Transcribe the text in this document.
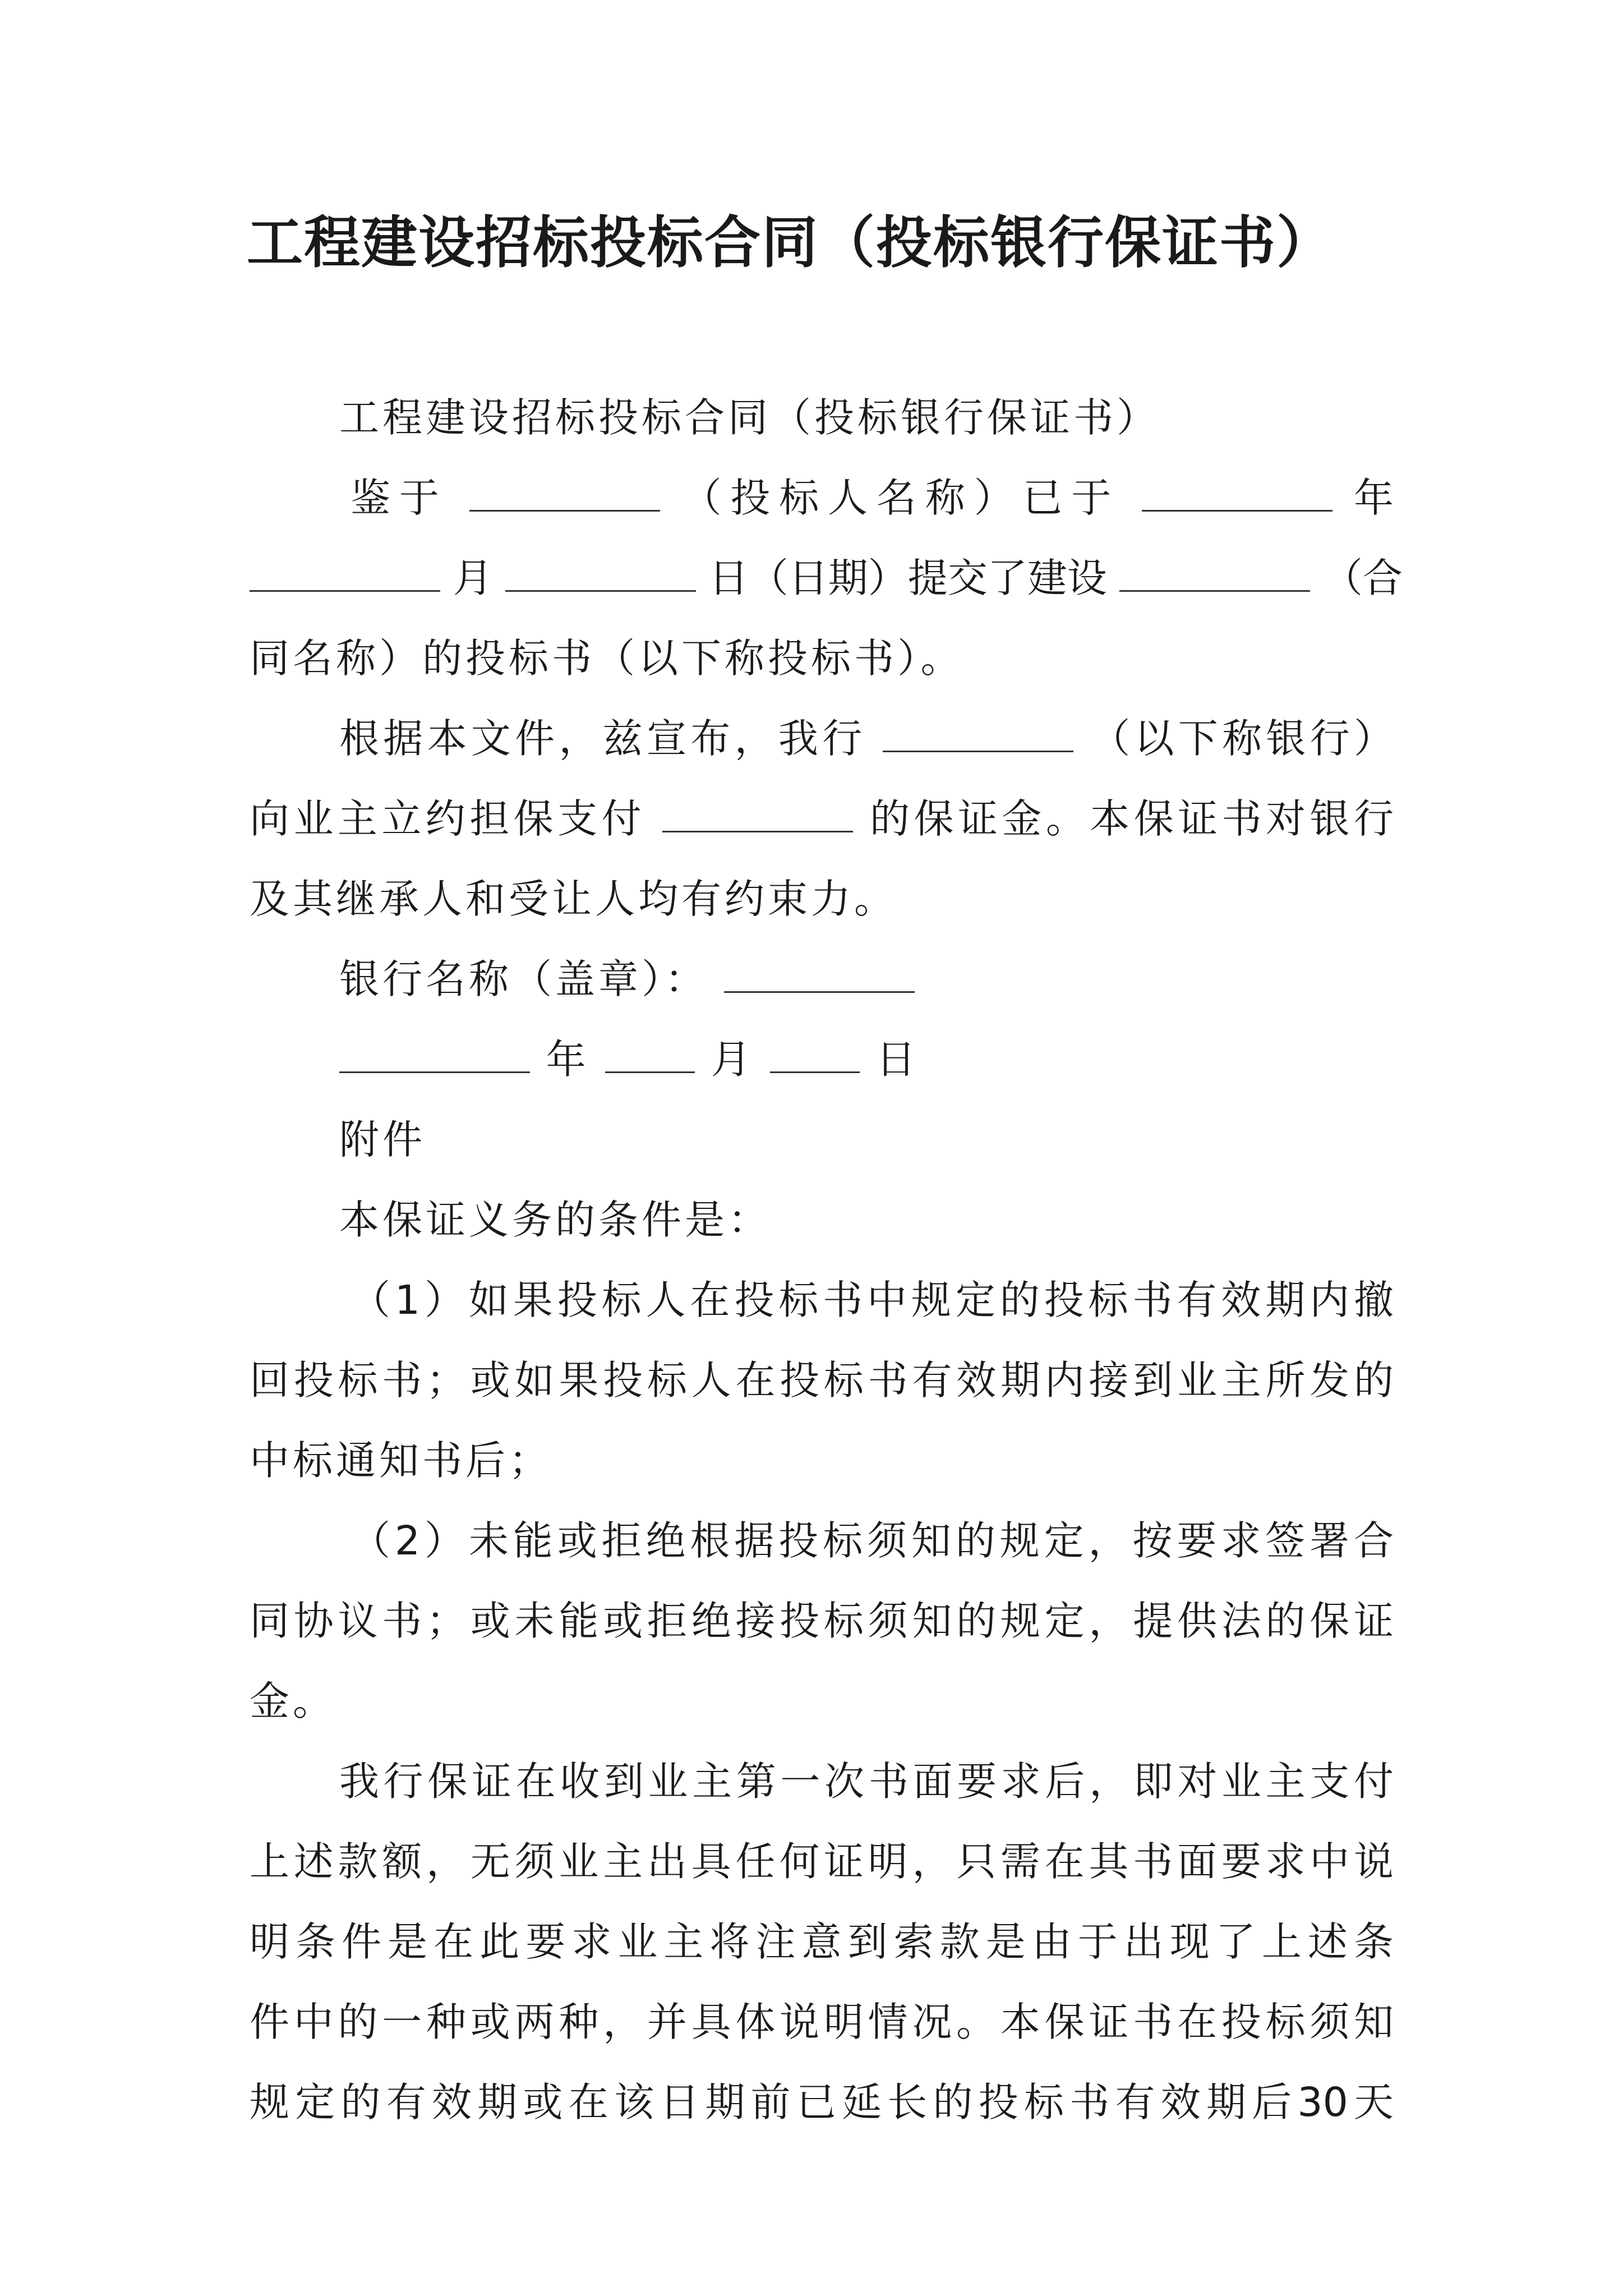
工程建设招标投标合同（投标银行保证书）
工程建设招标投标合同（投标银行保证书）
鉴于	（投标人名称）已于	年
月	日（日期）提交了建设	（合
同名称）的投标书（以下称投标书）。
根据本文件，兹宣布，我行	（以下称银行）
向业主立约担保支付	的保证金。本保证书对银行
及其继承人和受让人均有约束力。
银行名称（盖章）：
年	月	日
附件
本保证义务的条件是：
（1）如果投标人在投标书中规定的投标书有效期内撤
回投标书；或如果投标人在投标书有效期内接到业主所发的
中标通知书后；
（2）未能或拒绝根据投标须知的规定，按要求签署合
同协议书；或未能或拒绝接投标须知的规定，提供法的保证
金。
我行保证在收到业主第一次书面要求后，即对业主支付
上述款额，无须业主出具任何证明，只需在其书面要求中说
明条件是在此要求业主将注意到索款是由于出现了上述条
件中的一种或两种，并具体说明情况。本保证书在投标须知
规定的有效期或在该日期前已延长的投标书有效期后30天
